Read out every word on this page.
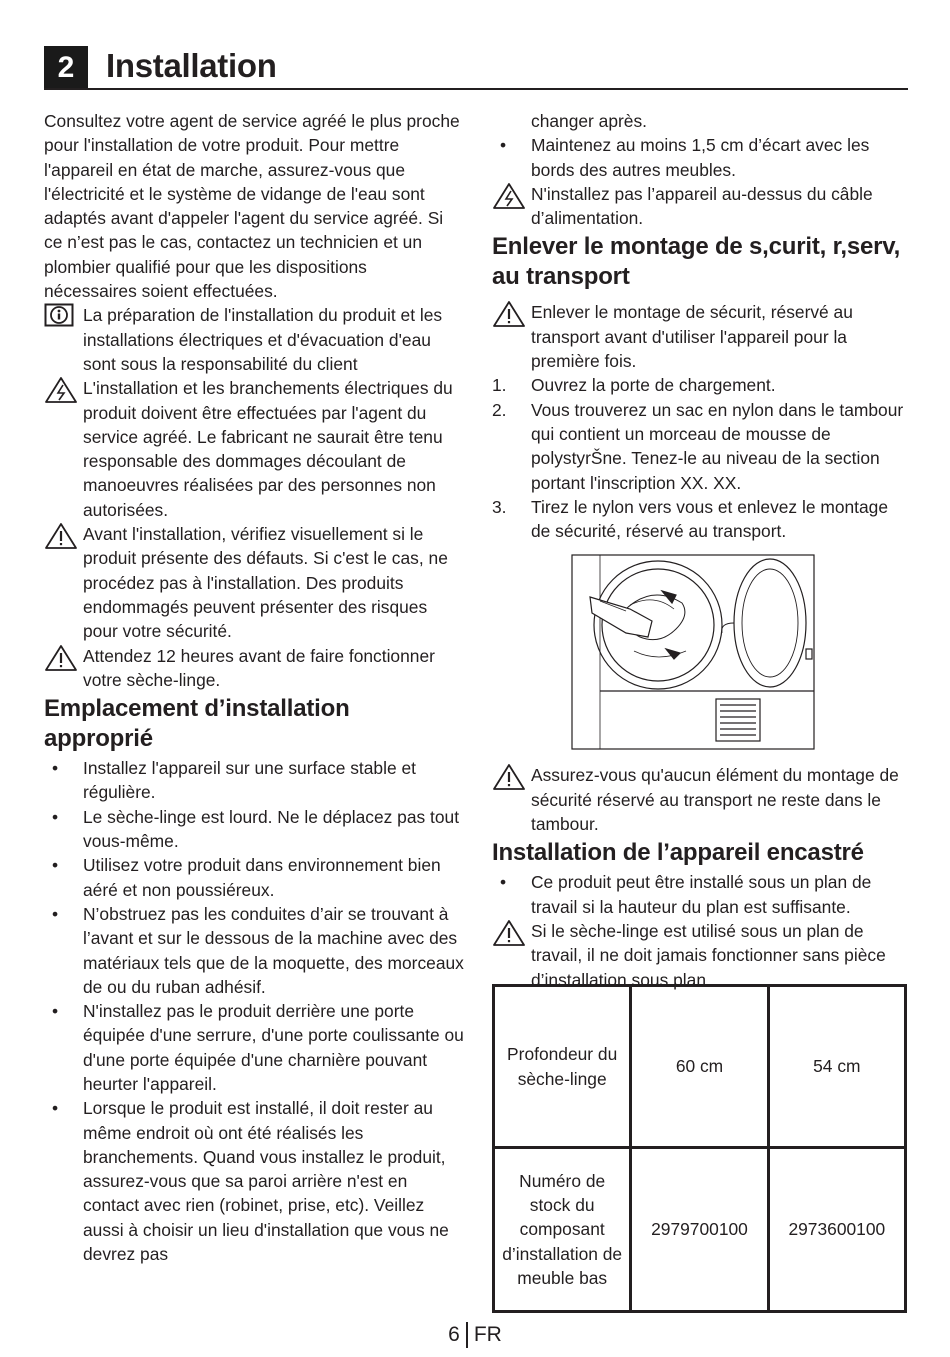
2 Installation

Consultez votre agent de service agréé le plus proche pour l'installation de votre produit. Pour mettre l'appareil en état de marche, assurez-vous que l'électricité et le système de vidange de l'eau sont adaptés avant d'appeler l'agent du service agréé. Si ce n’est pas le cas, contactez un technicien et un plombier qualifié pour que les dispositions nécessaires soient effectuées.

La préparation de l'installation du produit et les installations électriques et d'évacuation d'eau sont sous la responsabilité du client
L'installation et les branchements électriques du produit doivent être effectuées par l'agent du service agréé. Le fabricant ne saurait être tenu responsable des dommages découlant de manoeuvres réalisées par des personnes non autorisées.
Avant l'installation, vérifiez visuellement si le produit présente des défauts. Si c'est le cas, ne procédez pas à l'installation. Des produits endommagés peuvent présenter des risques pour votre sécurité.
Attendez 12 heures avant de faire fonctionner votre sèche-linge.
Emplacement d’installation approprié
•	Installez l'appareil sur une surface stable et régulière.
•	Le sèche-linge est lourd. Ne le déplacez pas tout vous-même.
•	Utilisez votre produit dans environnement bien aéré et non poussiéreux.
•	N’obstruez pas les conduites d’air se trouvant à l’avant et sur le dessous de la machine avec des matériaux tels que de la moquette, des morceaux de ou du ruban adhésif.
•	N'installez pas le produit derrière une porte équipée d'une serrure, d'une porte coulissante ou d'une porte équipée d'une charnière pouvant heurter l'appareil.
•	Lorsque le produit est installé, il doit rester au même endroit où ont été réalisés les branchements. Quand vous installez le produit, assurez-vous que sa paroi arrière n'est en contact avec rien (robinet, prise, etc). Veillez aussi à choisir un lieu d'installation que vous ne devrez pas

changer après.

•	Maintenez au moins 1,5 cm d’écart avec les bords des autres meubles.
N'installez pas l’appareil au-dessus du câble d’alimentation.
Enlever le montage de s,curit, r,serv, au transport
Enlever le montage de sécurit, réservé au transport avant d'utiliser l'appareil pour la première fois.
1. Ouvrez la porte de chargement.
2. Vous trouverez un sac en nylon dans le tambour qui contient un morceau de mousse de polystyrŠne. Tenez-le au niveau de la section portant l'inscription XX. XX.
3. Tirez le nylon vers vous et enlevez le montage de sécurité, réservé au transport.
Assurez-vous qu'aucun élément du montage de sécurité réservé au transport ne reste dans le tambour.
Installation de l’appareil encastré
•	Ce produit peut être installé sous un plan de travail si la hauteur du plan est suffisante.
Si le sèche-linge est utilisé sous un plan de travail, il ne doit jamais fonctionner sans pièce d’installation sous plan.
Profondeur du sèche-linge	60 cm	54 cm
Numéro de stock du composant d’installation de meuble bas	2979700100	2973600100
6 FR
